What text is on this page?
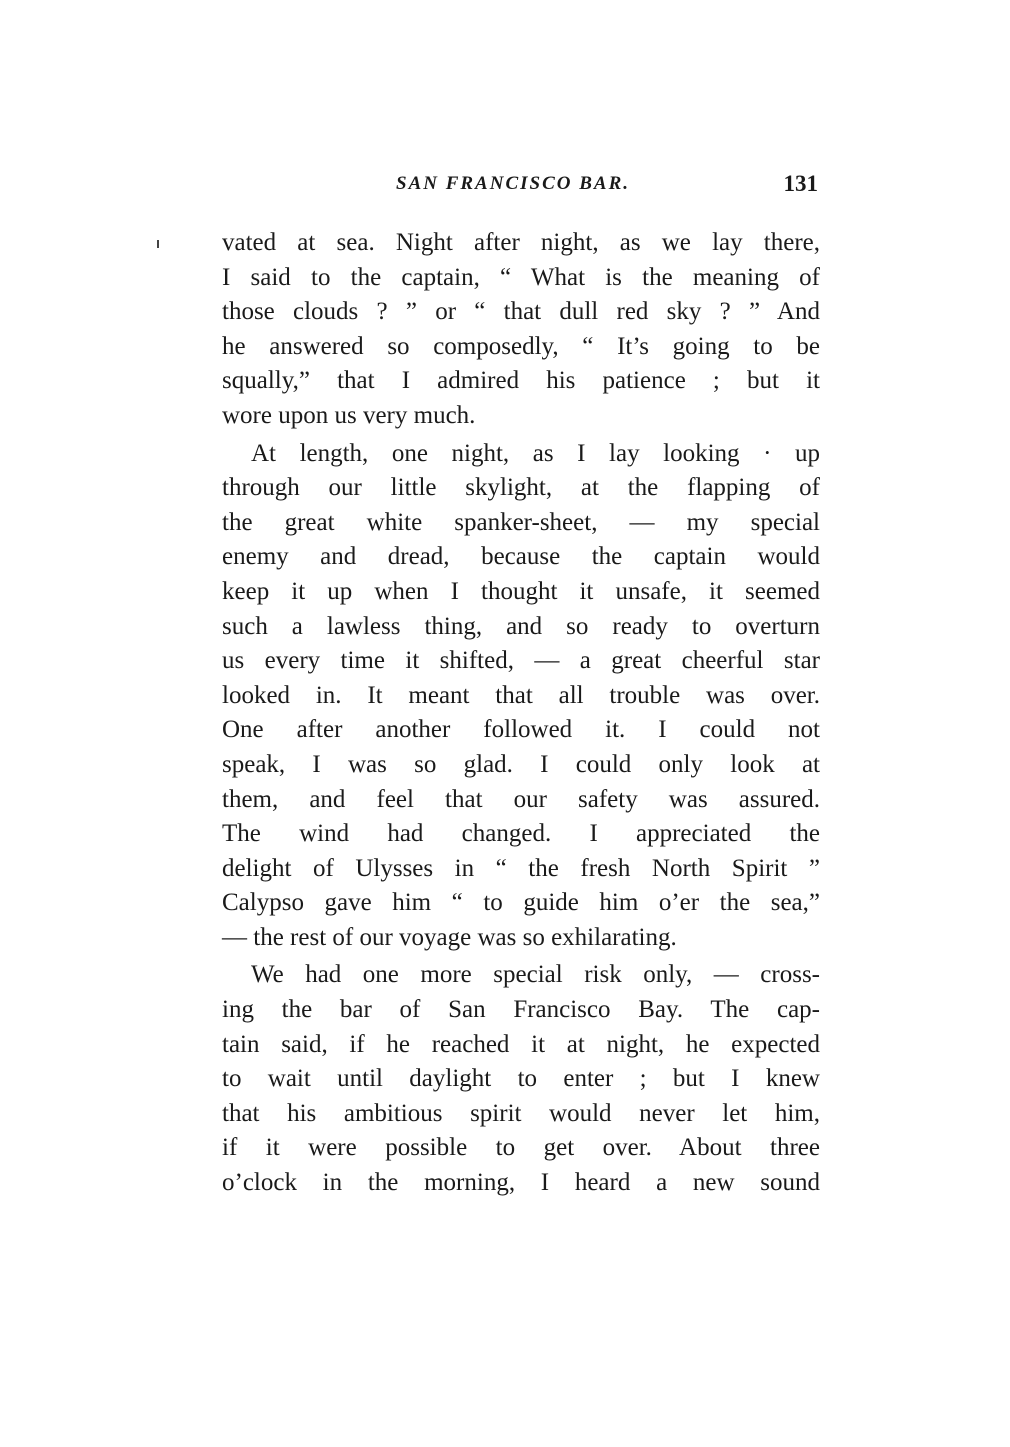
SAN FRANCISCO BAR.	131
vated at sea. Night after night, as we lay there,
I said to the captain, “ What is the meaning of
those clouds ? ” or “ that dull red sky ? ” And
he answered so composedly, “ It’s going to be
squally,” that I admired his patience ; but it
wore upon us very much.
At length, one night, as I lay looking · up
through our little skylight, at the flapping of
the great white spanker-sheet, — my special
enemy and dread, because the captain would
keep it up when I thought it unsafe, it seemed
such a lawless thing, and so ready to overturn
us every time it shifted, — a great cheerful star
looked in. It meant that all trouble was over.
One after another followed it. I could not
speak, I was so glad. I could only look at
them, and feel that our safety was assured.
The wind had changed. I appreciated the
delight of Ulysses in “ the fresh North Spirit ”
Calypso gave him “ to guide him o’er the sea,”
— the rest of our voyage was so exhilarating.
We had one more special risk only, — cross-
ing the bar of San Francisco Bay. The cap-
tain said, if he reached it at night, he expected
to wait until daylight to enter ; but I knew
that his ambitious spirit would never let him,
if it were possible to get over. About three
o’clock in the morning, I heard a new sound
